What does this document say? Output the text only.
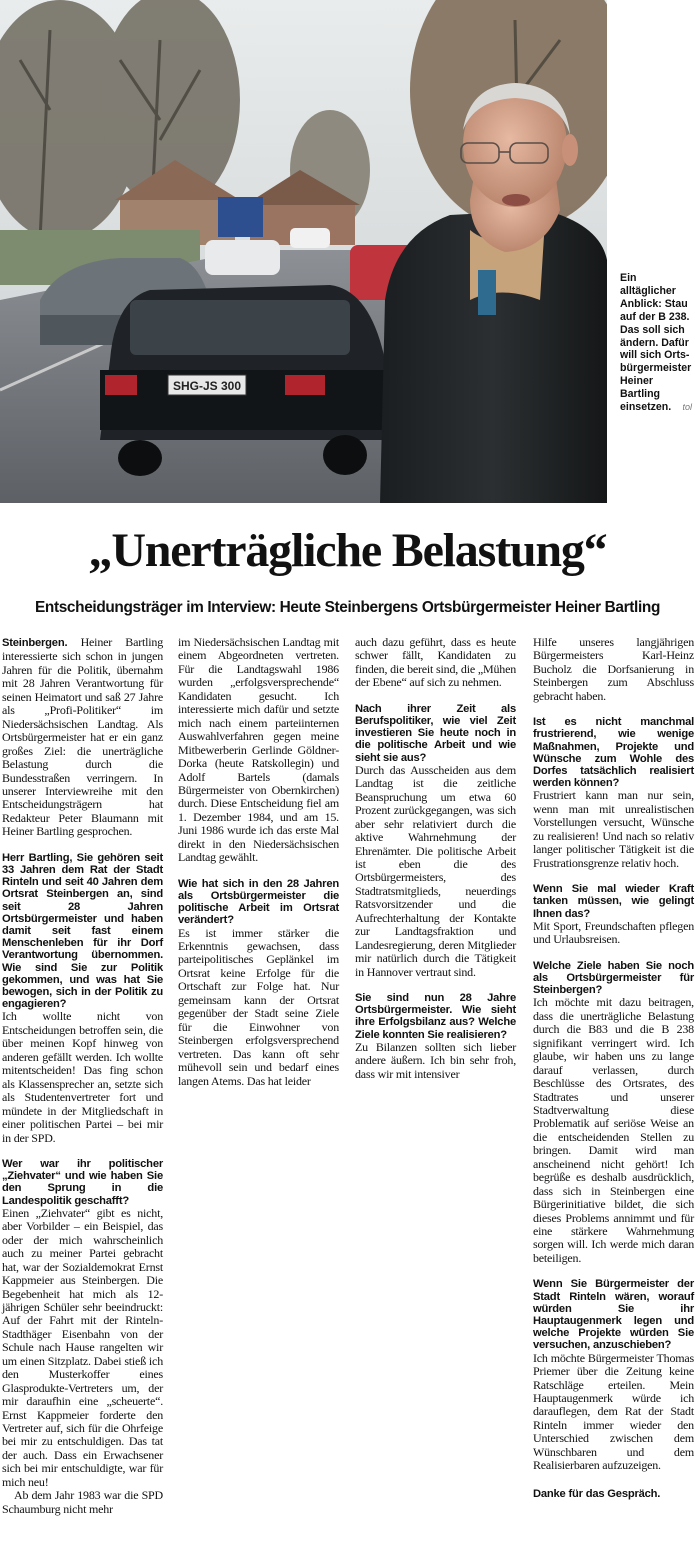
SHG-JS 300
Ein alltäglicher Anblick: Stau auf der B 238. Das soll sich ändern. Dafür will sich Orts-bürgermeister Heiner Bartling einsetzen. tol
„Unerträgliche Belastung“
Entscheidungsträger im Interview: Heute Steinbergens Ortsbürgermeister Heiner Bartling

Steinbergen. Heiner Bartling interessierte sich schon in jungen Jahren für die Politik, übernahm mit 28 Jahren Verantwortung für seinen Heimatort und saß 27 Jahre als „Profi-Politiker“ im Niedersächsischen Landtag. Als Ortsbürgermeister hat er ein ganz großes Ziel: die unerträgliche Belastung durch die Bundesstraßen verringern. In unserer Interviewreihe mit den Entscheidungsträgern hat Redakteur Peter Blaumann mit Heiner Bartling gesprochen.

Herr Bartling, Sie gehören seit 33 Jahren dem Rat der Stadt Rinteln und seit 40 Jahren dem Ortsrat Steinbergen an, sind seit 28 Jahren Ortsbürgermeister und haben damit seit fast einem Menschenleben für ihr Dorf Verantwortung übernommen. Wie sind Sie zur Politik gekommen, und was hat Sie bewogen, sich in der Politik zu engagieren?

Ich wollte nicht von Entscheidungen betroffen sein, die über meinen Kopf hinweg von anderen gefällt werden. Ich wollte mitentscheiden! Das fing schon als Klassensprecher an, setzte sich als Studentenvertreter fort und mündete in der Mitgliedschaft in einer politischen Partei – bei mir in der SPD.

Wer war ihr politischer „Ziehvater“ und wie haben Sie den Sprung in die Landespolitik geschafft?

Einen „Ziehvater“ gibt es nicht, aber Vorbilder – ein Beispiel, das oder der mich wahrscheinlich auch zu meiner Partei gebracht hat, war der Sozialdemokrat Ernst Kappmeier aus Steinbergen. Die Begebenheit hat mich als 12-jährigen Schüler sehr beeindruckt: Auf der Fahrt mit der Rinteln-Stadthäger Eisenbahn von der Schule nach Hause rangelten wir um einen Sitzplatz. Dabei stieß ich den Musterkoffer eines Glasprodukte-Vertreters um, der mir daraufhin eine „scheuerte“. Ernst Kappmeier forderte den Vertreter auf, sich für die Ohrfeige bei mir zu entschuldigen. Das tat der auch. Dass ein Erwachsener sich bei mir entschuldigte, war für mich neu!

Ab dem Jahr 1983 war die SPD Schaumburg nicht mehr

im Niedersächsischen Landtag mit einem Abgeordneten vertreten. Für die Landtagswahl 1986 wurden „erfolgsversprechende“ Kandidaten gesucht. Ich interessierte mich dafür und setzte mich nach einem parteiinternen Auswahlverfahren gegen meine Mitbewerberin Gerlinde Göldner-Dorka (heute Ratskollegin) und Adolf Bartels (damals Bürgermeister von Obernkirchen) durch. Diese Entscheidung fiel am 1. Dezember 1984, und am 15. Juni 1986 wurde ich das erste Mal direkt in den Niedersächsischen Landtag gewählt.

Wie hat sich in den 28 Jahren als Ortsbürgermeister die politische Arbeit im Ortsrat verändert?

Es ist immer stärker die Erkenntnis gewachsen, dass parteipolitisches Geplänkel im Ortsrat keine Erfolge für die Ortschaft zur Folge hat. Nur gemeinsam kann der Ortsrat gegenüber der Stadt seine Ziele für die Einwohner von Steinbergen erfolgsversprechend vertreten. Das kann oft sehr mühevoll sein und bedarf eines langen Atems. Das hat leider

auch dazu geführt, dass es heute schwer fällt, Kandidaten zu finden, die bereit sind, die „Mühen der Ebene“ auf sich zu nehmen.

Nach ihrer Zeit als Berufspolitiker, wie viel Zeit investieren Sie heute noch in die politische Arbeit und wie sieht sie aus?

Durch das Ausscheiden aus dem Landtag ist die zeitliche Beanspruchung um etwa 60 Prozent zurückgegangen, was sich aber sehr relativiert durch die aktive Wahrnehmung der Ehrenämter. Die politische Arbeit ist eben die des Ortsbürgermeisters, des Stadtratsmitglieds, neuerdings Ratsvorsitzender und die Aufrechterhaltung der Kontakte zur Landtagsfraktion und Landesregierung, deren Mitglieder mir natürlich durch die Tätigkeit in Hannover vertraut sind.

Sie sind nun 28 Jahre Ortsbürgermeister. Wie sieht ihre Erfolgsbilanz aus? Welche Ziele konnten Sie realisieren?

Zu Bilanzen sollten sich lieber andere äußern. Ich bin sehr froh, dass wir mit intensiver

Hilfe unseres langjährigen Bürgermeisters Karl-Heinz Bucholz die Dorfsanierung in Steinbergen zum Abschluss gebracht haben.

Ist es nicht manchmal frustrierend, wie wenige Maßnahmen, Projekte und Wünsche zum Wohle des Dorfes tatsächlich realisiert werden können?

Frustriert kann man nur sein, wenn man mit unrealistischen Vorstellungen versucht, Wünsche zu realisieren! Und nach so relativ langer politischer Tätigkeit ist die Frustrationsgrenze relativ hoch.

Wenn Sie mal wieder Kraft tanken müssen, wie gelingt Ihnen das?

Mit Sport, Freundschaften pflegen und Urlaubsreisen.

Welche Ziele haben Sie noch als Ortsbürgermeister für Steinbergen?

Ich möchte mit dazu beitragen, dass die unerträgliche Belastung durch die B83 und die B 238 signifikant verringert wird. Ich glaube, wir haben uns zu lange darauf verlassen, durch Beschlüsse des Ortsrates, des Stadtrates und unserer Stadtverwaltung diese Problematik auf seriöse Weise an die entscheidenden Stellen zu bringen. Damit wird man anscheinend nicht gehört! Ich begrüße es deshalb ausdrücklich, dass sich in Steinbergen eine Bürgerinitiative bildet, die sich dieses Problems annimmt und für eine stärkere Wahrnehmung sorgen will. Ich werde mich daran beteiligen.

Wenn Sie Bürgermeister der Stadt Rinteln wären, worauf würden Sie ihr Hauptaugenmerk legen und welche Projekte würden Sie versuchen, anzuschieben?

Ich möchte Bürgermeister Thomas Priemer über die Zeitung keine Ratschläge erteilen. Mein Hauptaugenmerk würde ich darauflegen, dem Rat der Stadt Rinteln immer wieder den Unterschied zwischen dem Wünschbaren und dem Realisierbaren aufzuzeigen.

Danke für das Gespräch.
